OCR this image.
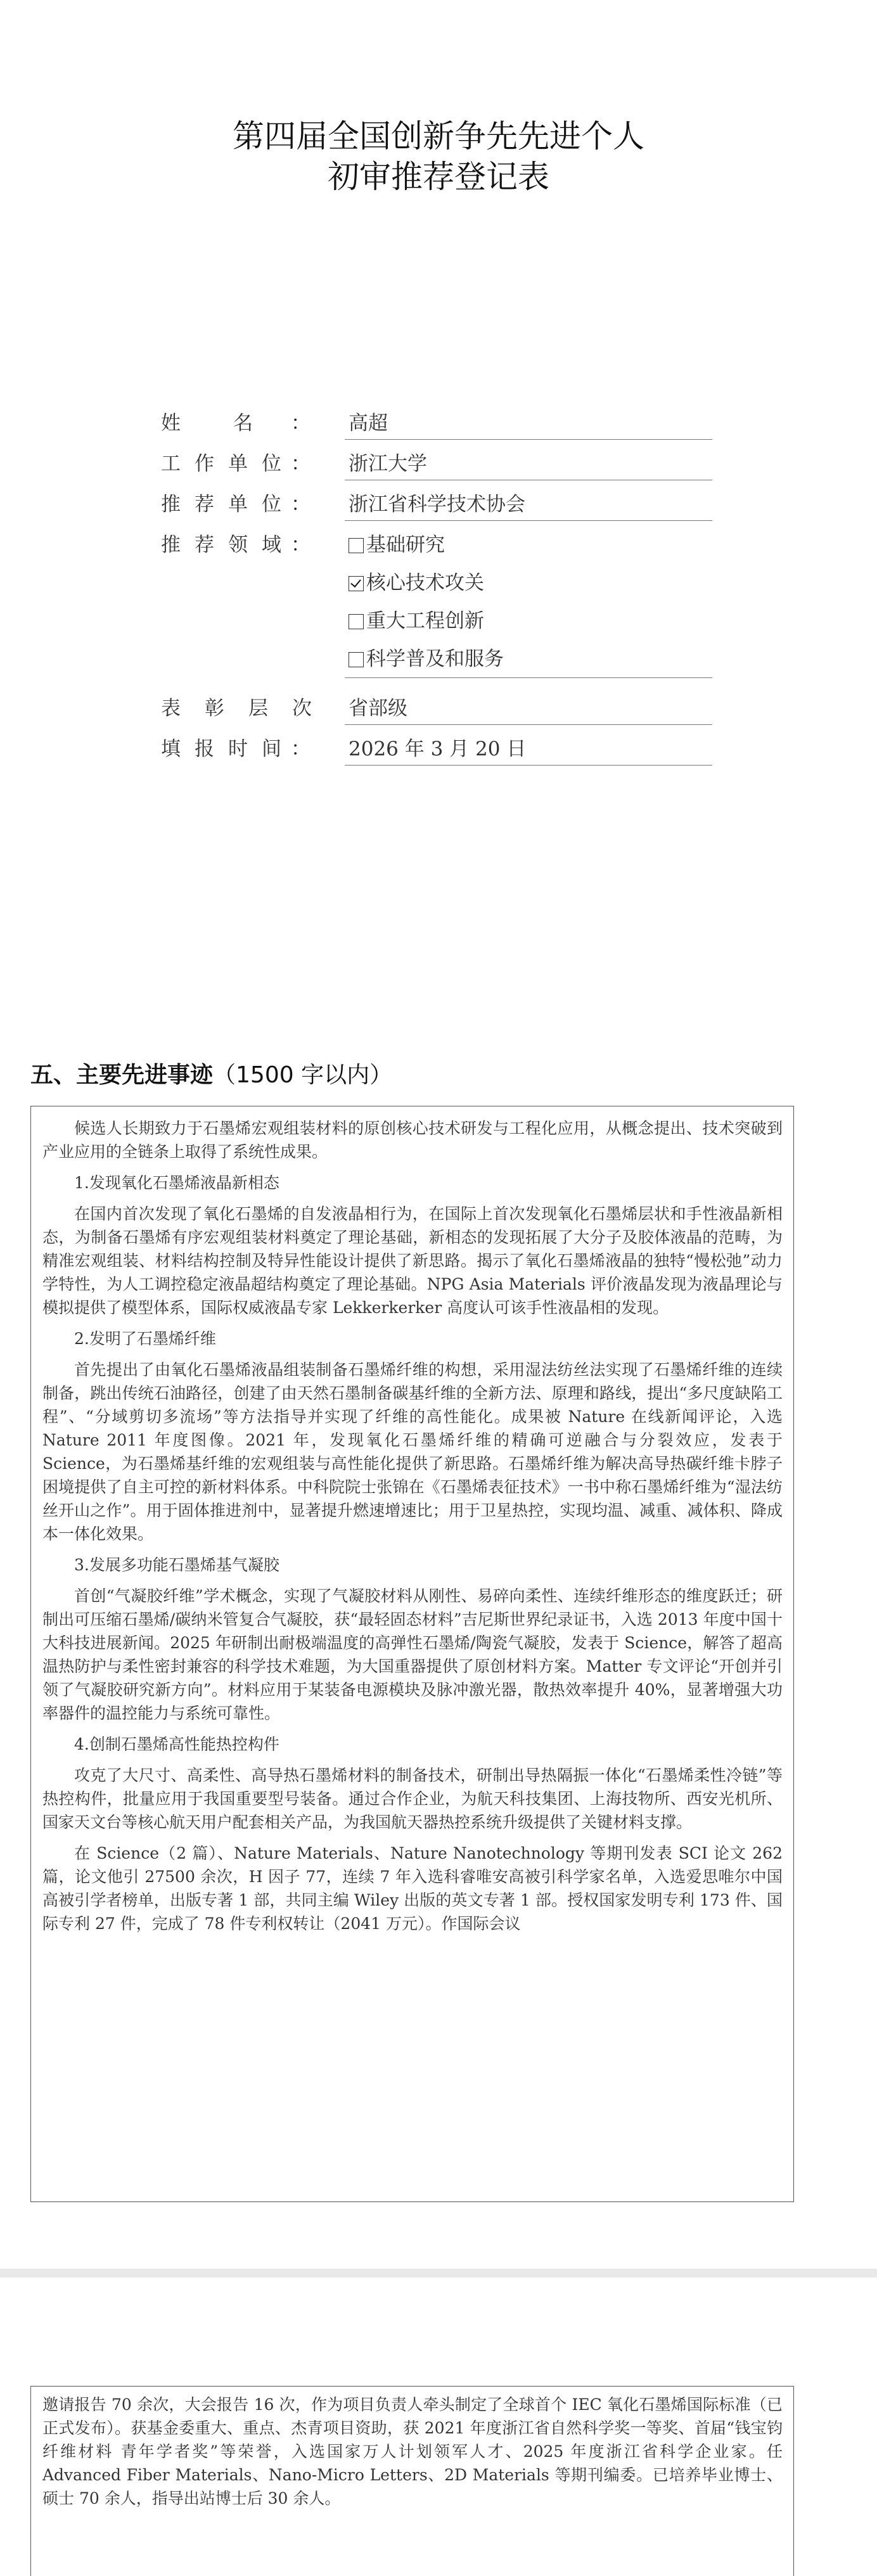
第四届全国创新争先先进个人
初审推荐登记表
姓	名 ： 高超
工 作 单 位 ： 浙江大学
推 荐 单 位 ： 浙江省科学技术协会
推 荐 领 域 ：	基础研究
核心技术攻关
重大工程创新
科学普及和服务
表 彰 层 次 省部级
填 报 时 间 ： 2026 年 3 月 20 日
五、主要先进事迹（1500 字以内）

候选人长期致力于石墨烯宏观组装材料的原创核心技术研发与工程化应用，从概念提出、技术突破到产业应用的全链条上取得了系统性成果。

1.发现氧化石墨烯液晶新相态

在国内首次发现了氧化石墨烯的自发液晶相行为，在国际上首次发现氧化石墨烯层状和手性液晶新相态，为制备石墨烯有序宏观组装材料奠定了理论基础，新相态的发现拓展了大分子及胶体液晶的范畴，为精准宏观组装、材料结构控制及特异性能设计提供了新思路。揭示了氧化石墨烯液晶的独特“慢松弛”动力学特性，为人工调控稳定液晶超结构奠定了理论基础。NPG Asia Materials 评价液晶发现为液晶理论与模拟提供了模型体系，国际权威液晶专家 Lekkerkerker 高度认可该手性液晶相的发现。

2.发明了石墨烯纤维

首先提出了由氧化石墨烯液晶组装制备石墨烯纤维的构想，采用湿法纺丝法实现了石墨烯纤维的连续制备，跳出传统石油路径，创建了由天然石墨制备碳基纤维的全新方法、原理和路线，提出“多尺度缺陷工程”、“分域剪切多流场”等方法指导并实现了纤维的高性能化。成果被 Nature 在线新闻评论，入选 Nature 2011 年度图像。2021 年，发现氧化石墨烯纤维的精确可逆融合与分裂效应，发表于 Science，为石墨烯基纤维的宏观组装与高性能化提供了新思路。石墨烯纤维为解决高导热碳纤维卡脖子困境提供了自主可控的新材料体系。中科院院士张锦在《石墨烯表征技术》一书中称石墨烯纤维为“湿法纺丝开山之作”。用于固体推进剂中，显著提升燃速增速比；用于卫星热控，实现均温、减重、减体积、降成本一体化效果。

3.发展多功能石墨烯基气凝胶

首创“气凝胶纤维”学术概念，实现了气凝胶材料从刚性、易碎向柔性、连续纤维形态的维度跃迁；研制出可压缩石墨烯/碳纳米管复合气凝胶，获“最轻固态材料”吉尼斯世界纪录证书，入选 2013 年度中国十大科技进展新闻。2025 年研制出耐极端温度的高弹性石墨烯/陶瓷气凝胶，发表于 Science，解答了超高温热防护与柔性密封兼容的科学技术难题，为大国重器提供了原创材料方案。Matter 专文评论“开创并引领了气凝胶研究新方向”。材料应用于某装备电源模块及脉冲激光器，散热效率提升 40%，显著增强大功率器件的温控能力与系统可靠性。

4.创制石墨烯高性能热控构件

攻克了大尺寸、高柔性、高导热石墨烯材料的制备技术，研制出导热隔振一体化“石墨烯柔性冷链”等热控构件，批量应用于我国重要型号装备。通过合作企业，为航天科技集团、上海技物所、西安光机所、国家天文台等核心航天用户配套相关产品，为我国航天器热控系统升级提供了关键材料支撑。

在 Science（2 篇）、Nature Materials、Nature Nanotechnology 等期刊发表 SCI 论文 262 篇，论文他引 27500 余次，H 因子 77，连续 7 年入选科睿唯安高被引科学家名单，入选爱思唯尔中国高被引学者榜单，出版专著 1 部，共同主编 Wiley 出版的英文专著 1 部。授权国家发明专利 173 件、国际专利 27 件，完成了 78 件专利权转让（2041 万元）。作国际会议

邀请报告 70 余次，大会报告 16 次，作为项目负责人牵头制定了全球首个 IEC 氧化石墨烯国际标准（已正式发布）。获基金委重大、重点、杰青项目资助，获 2021 年度浙江省自然科学奖一等奖、首届“钱宝钧纤维材料 青年学者奖”等荣誉，入选国家万人计划领军人才、2025 年度浙江省科学企业家。任 Advanced Fiber Materials、Nano-Micro Letters、2D Materials 等期刊编委。已培养毕业博士、硕士 70 余人，指导出站博士后 30 余人。
